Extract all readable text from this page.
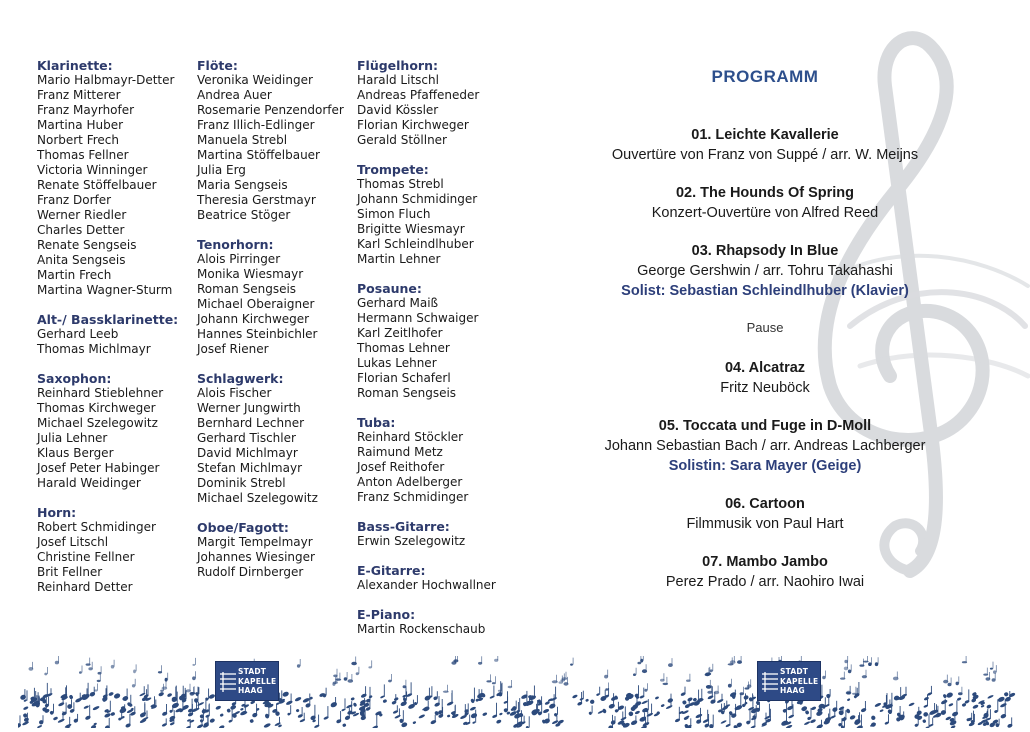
Klarinette:
Mario Halbmayr-Detter
Franz Mitterer
Franz Mayrhofer
Martina Huber
Norbert Frech
Thomas Fellner
Victoria Winninger
Renate Stöffelbauer
Franz Dorfer
Werner Riedler
Charles Detter
Renate Sengseis
Anita Sengseis
Martin Frech
Martina Wagner-Sturm
Alt-/ Bassklarinette:
Gerhard Leeb
Thomas Michlmayr
Saxophon:
Reinhard Stieblehner
Thomas Kirchweger
Michael Szelegowitz
Julia Lehner
Klaus Berger
Josef Peter Habinger
Harald Weidinger
Horn:
Robert Schmidinger
Josef Litschl
Christine Fellner
Brit Fellner
Reinhard Detter
Flöte:
Veronika Weidinger
Andrea Auer
Rosemarie Penzendorfer
Franz Illich-Edlinger
Manuela Strebl
Martina Stöffelbauer
Julia Erg
Maria Sengseis
Theresia Gerstmayr
Beatrice Stöger
Tenorhorn:
Alois Pirringer
Monika Wiesmayr
Roman Sengseis
Michael Oberaigner
Johann Kirchweger
Hannes Steinbichler
Josef Riener
Schlagwerk:
Alois Fischer
Werner Jungwirth
Bernhard Lechner
Gerhard Tischler
David Michlmayr
Stefan Michlmayr
Dominik Strebl
Michael Szelegowitz
Oboe/Fagott:
Margit Tempelmayr
Johannes Wiesinger
Rudolf Dirnberger
Flügelhorn:
Harald Litschl
Andreas Pfaffeneder
David Kössler
Florian Kirchweger
Gerald Stöllner
Trompete:
Thomas Strebl
Johann Schmidinger
Simon Fluch
Brigitte Wiesmayr
Karl Schleindlhuber
Martin Lehner
Posaune:
Gerhard Maiß
Hermann Schwaiger
Karl Zeitlhofer
Thomas Lehner
Lukas Lehner
Florian Schaferl
Roman Sengseis
Tuba:
Reinhard Stöckler
Raimund Metz
Josef Reithofer
Anton Adelberger
Franz Schmidinger
Bass-Gitarre:
Erwin Szelegowitz
E-Gitarre:
Alexander Hochwallner
E-Piano:
Martin Rockenschaub
PROGRAMM

01. Leichte Kavallerie

Ouvertüre von Franz von Suppé / arr. W. Meijns

02. The Hounds Of Spring

Konzert-Ouvertüre von Alfred Reed

03. Rhapsody In Blue

George Gershwin / arr. Tohru Takahashi

Solist: Sebastian Schleindlhuber (Klavier)

Pause

04. Alcatraz

Fritz Neuböck

05. Toccata und Fuge in D-Moll

Johann Sebastian Bach / arr. Andreas Lachberger

Solistin: Sara Mayer (Geige)

06. Cartoon

Filmmusik von Paul Hart

07. Mambo Jambo

Perez Prado / arr. Naohiro Iwai

STADT
KAPELLE
HAAG

STADT
KAPELLE
HAAG
